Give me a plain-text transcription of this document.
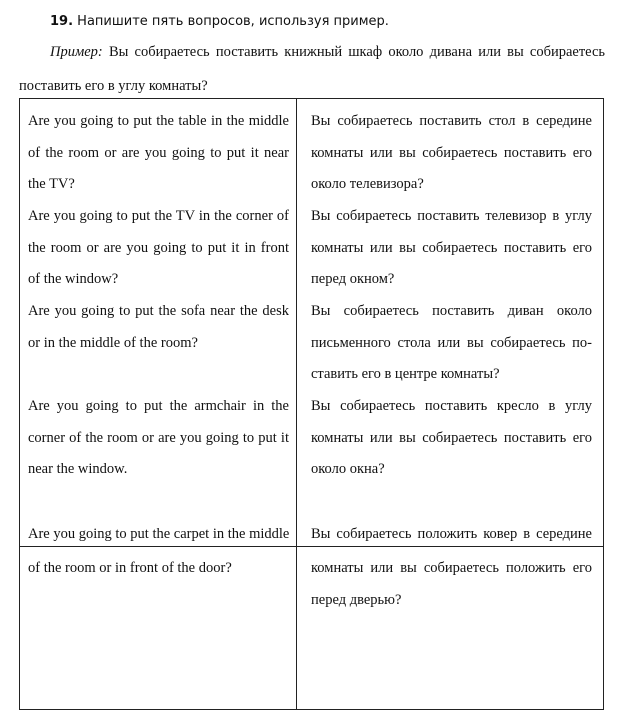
19. Напишите пять вопросов, используя пример.
Пример: Вы собираетесь поставить книжный шкаф около дивана или вы собираетесь
поставить его в углу комнаты?
Are you going to put the table in the middle of the room or are you going to put it near the TV?
Вы собираетесь поставить стол в середине комнаты или вы собираетесь поставить его около телевизора?
Are you going to put the TV in the corner of the room or are you going to put it in front of the window?
Вы собираетесь поставить телевизор в углу комнаты или вы собираетесь поставить его перед окном?
Are you going to put the sofa near the desk or in the middle of the room?
Вы собираетесь поставить диван около письменного стола или вы собираетесь по-ставить его в центре комнаты?
Are you going to put the armchair in the corner of the room or are you going to put it near the window.
Вы собираетесь поставить кресло в углу комнаты или вы собираетесь поставить его около окна?
Are you going to put the carpet in the middle Вы собираетесь положить ковер в середине
of the room or in front of the door?	комнаты или вы собираетесь положить его перед дверью?
